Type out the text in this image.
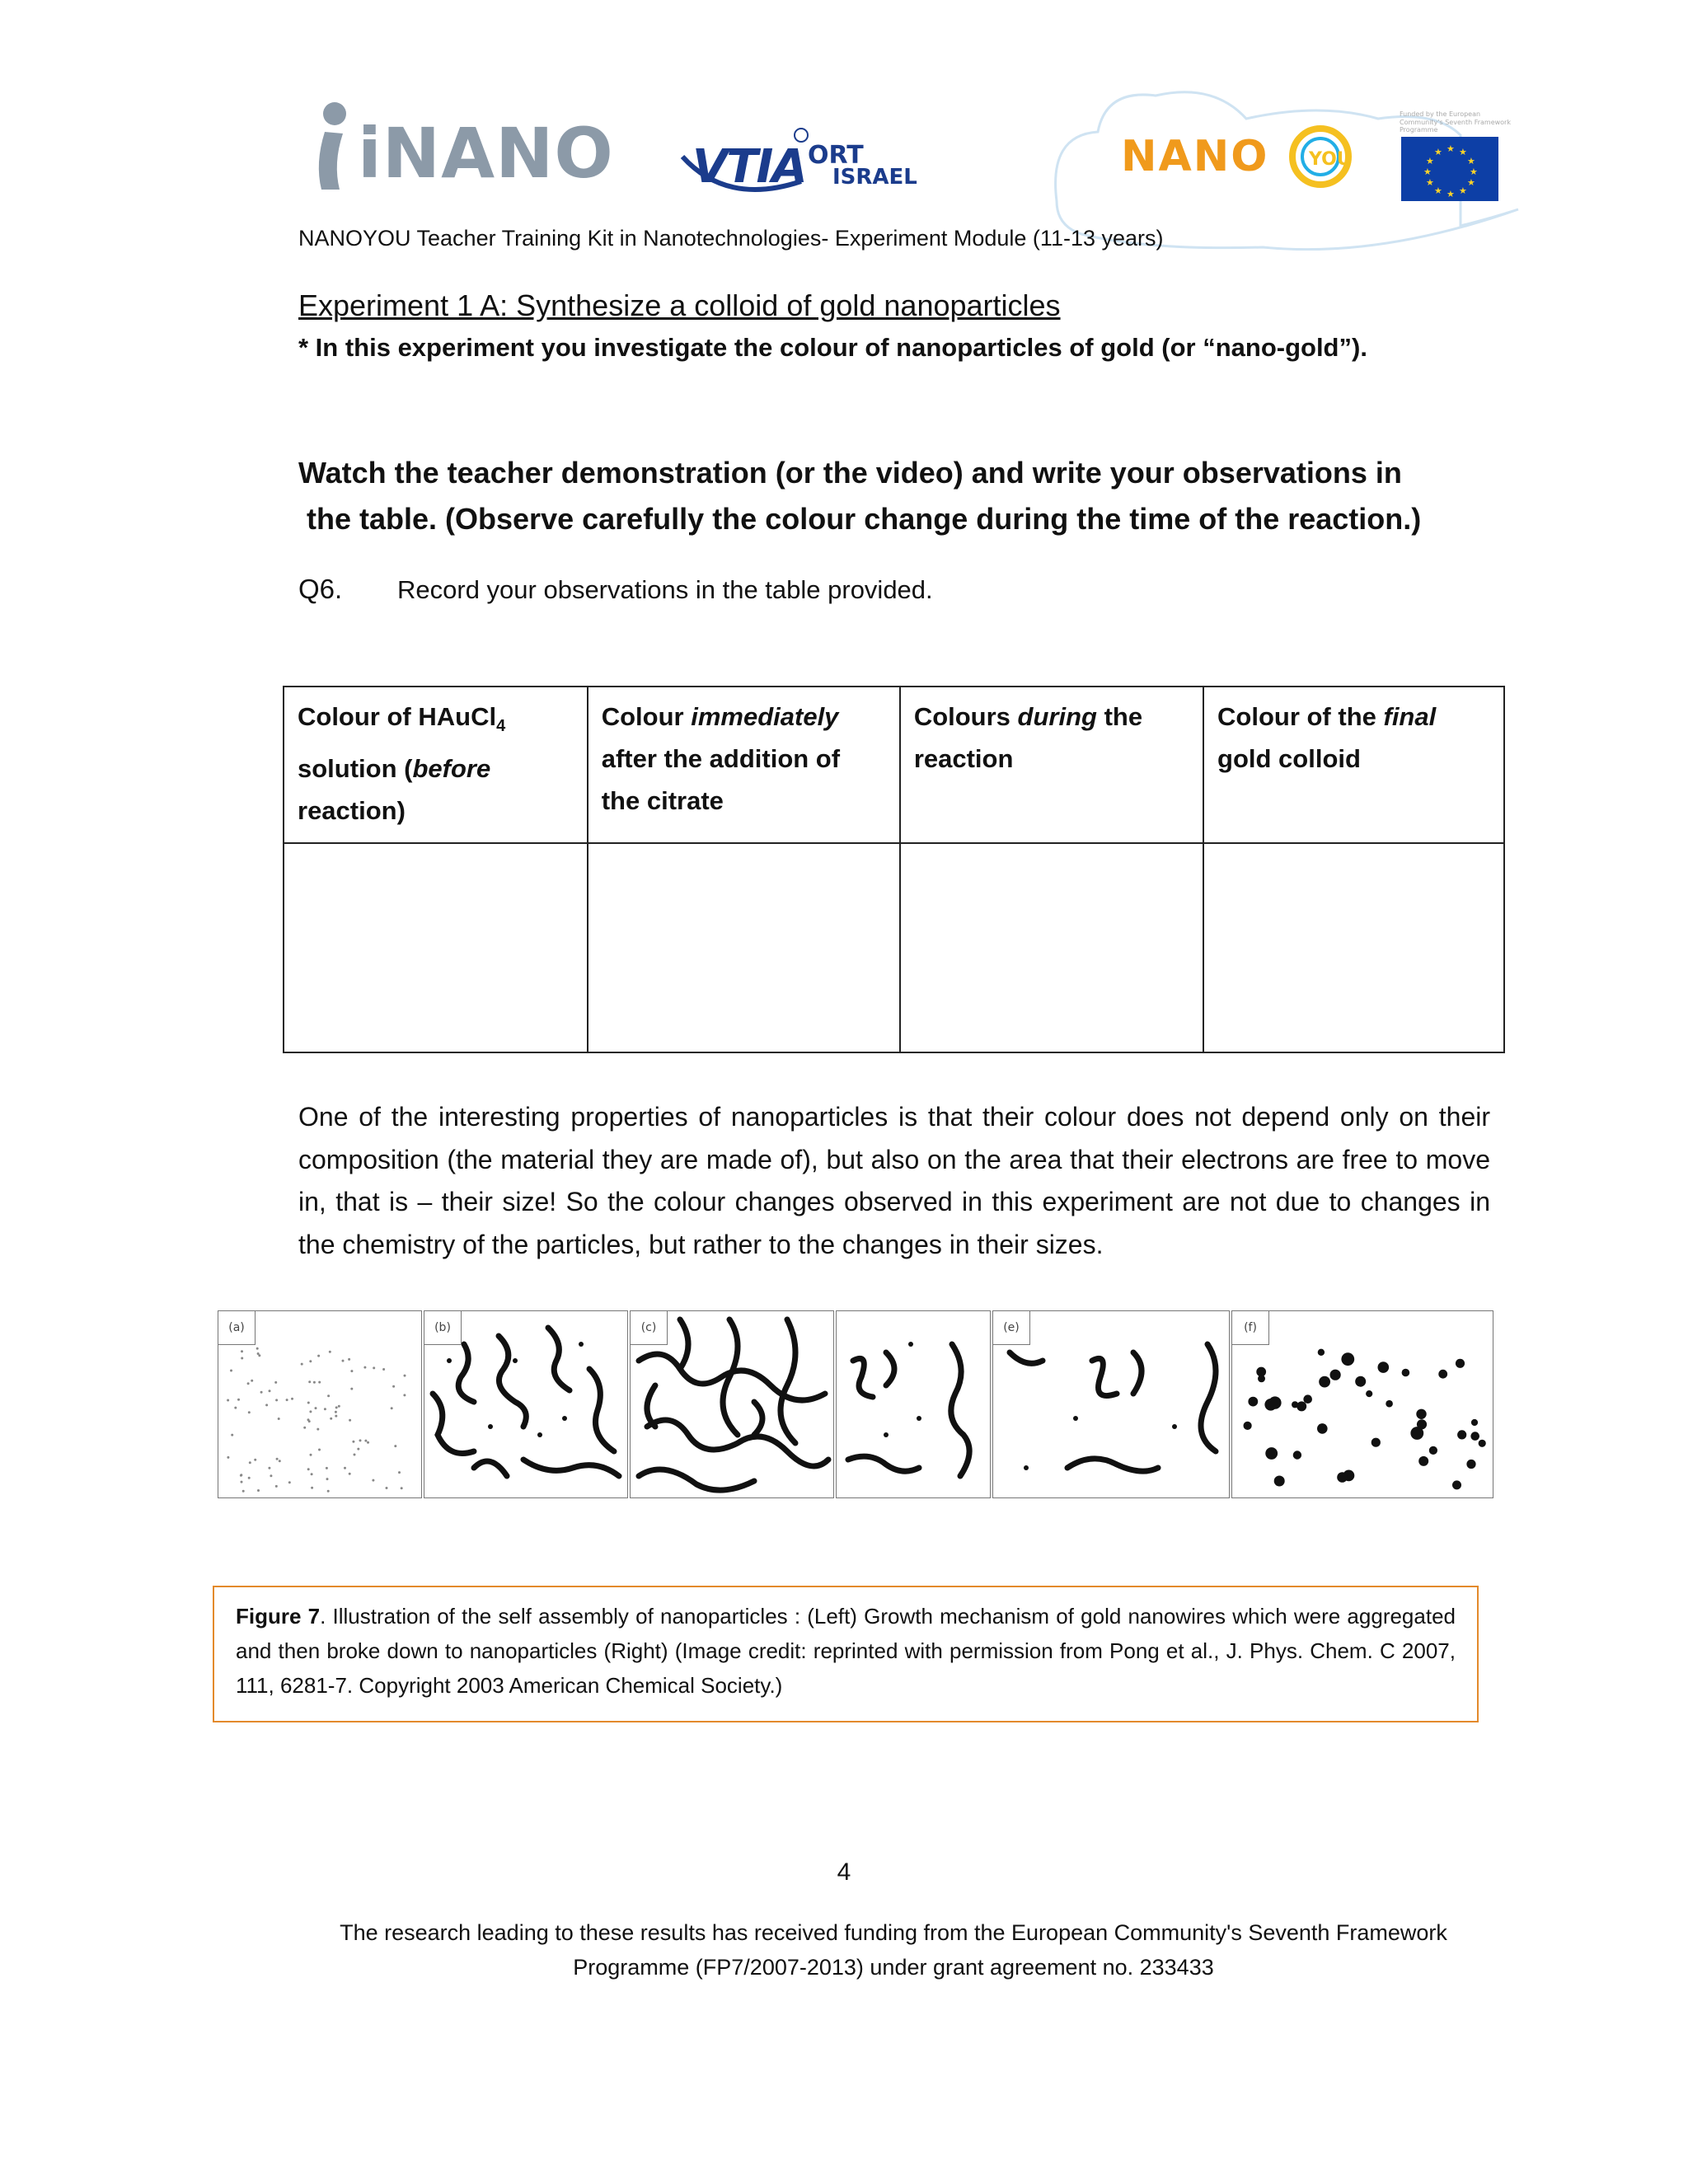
iNANO VTIA ORT
ISRAEL
YOU
NANO
Funded by the European Community's Seventh Framework Programme
★ ★
★
★
★
★
★
★
★
★
★
★
NANOYOU Teacher Training Kit in Nanotechnologies- Experiment Module (11-13 years)
Experiment 1 A: Synthesize a colloid of gold nanoparticles
* In this experiment you investigate the colour of nanoparticles of gold (or “nano-gold”).
Watch the teacher demonstration (or the video) and write your observations in
the table. (Observe carefully the colour change during the time of the reaction.)
Q6. Record your observations in the table provided.
Colour of HAuCl$_4$
solution (before
reaction)	Colour immediately
after the addition of
the citrate	Colours during the
reaction	Colour of the final
gold colloid

One of the interesting properties of nanoparticles is that their colour does not depend only on their composition (the material they are made of), but also on the area that their electrons are free to move in, that is – their size! So the colour changes observed in this experiment are not due to changes in the chemistry of the particles, but rather to the changes in their sizes.

(a)	(b)	(c)	(e)	(f)
Figure 7. Illustration of the self assembly of nanoparticles : (Left) Growth mechanism of gold nanowires which were aggregated and then broke down to nanoparticles (Right) (Image credit: reprinted with permission from Pong et al., J. Phys. Chem. C 2007, 111, 6281-7. Copyright 2003 American Chemical Society.)
4
The research leading to these results has received funding from the European Community's Seventh Framework
Programme (FP7/2007-2013) under grant agreement no. 233433
